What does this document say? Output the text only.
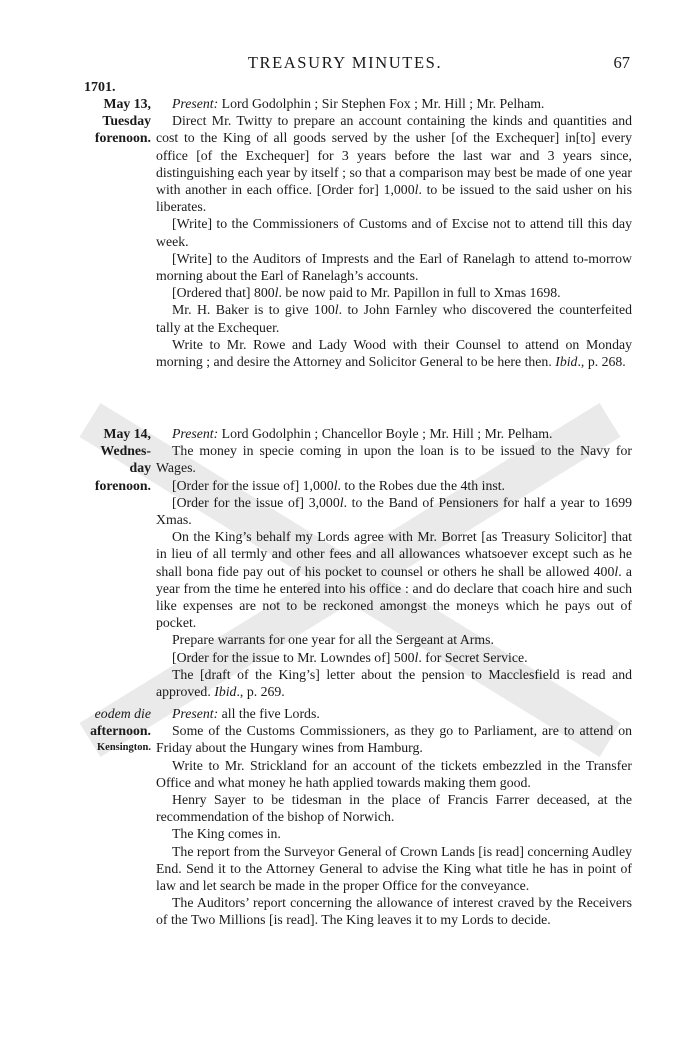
TREASURY MINUTES.	67
1701.
May 13,
Tuesday
forenoon.

Present: Lord Godolphin ; Sir Stephen Fox ; Mr. Hill ; Mr. Pelham.

Direct Mr. Twitty to prepare an account containing the kinds and quantities and cost to the King of all goods served by the usher [of the Exchequer] in[to] every office [of the Exchequer] for 3 years before the last war and 3 years since, distinguishing each year by itself ; so that a comparison may best be made of one year with another in each office. [Order for] 1,000l. to be issued to the said usher on his liberates.

[Write] to the Commissioners of Customs and of Excise not to attend till this day week.

[Write] to the Auditors of Imprests and the Earl of Ranelagh to attend to-morrow morning about the Earl of Ranelagh’s accounts.

[Ordered that] 800l. be now paid to Mr. Papillon in full to Xmas 1698.

Mr. H. Baker is to give 100l. to John Farnley who discovered the counterfeited tally at the Exchequer.

Write to Mr. Rowe and Lady Wood with their Counsel to attend on Monday morning ; and desire the Attorney and Solicitor General to be here then. Ibid., p. 268.

May 14,
Wednes-
day
forenoon.

Present: Lord Godolphin ; Chancellor Boyle ; Mr. Hill ; Mr. Pelham.

The money in specie coming in upon the loan is to be issued to the Navy for Wages.

[Order for the issue of] 1,000l. to the Robes due the 4th inst.

[Order for the issue of] 3,000l. to the Band of Pensioners for half a year to 1699 Xmas.

On the King’s behalf my Lords agree with Mr. Borret [as Treasury Solicitor] that in lieu of all termly and other fees and all allowances whatsoever except such as he shall bona fide pay out of his pocket to counsel or others he shall be allowed 400l. a year from the time he entered into his office : and do declare that coach hire and such like expenses are not to be reckoned amongst the moneys which he pays out of pocket.

Prepare warrants for one year for all the Sergeant at Arms.

[Order for the issue to Mr. Lowndes of] 500l. for Secret Service.

The [draft of the King’s] letter about the pension to Macclesfield is read and approved. Ibid., p. 269.

eodem die
afternoon.
Kensington.

Present: all the five Lords.

Some of the Customs Commissioners, as they go to Parliament, are to attend on Friday about the Hungary wines from Hamburg.

Write to Mr. Strickland for an account of the tickets embezzled in the Transfer Office and what money he hath applied towards making them good.

Henry Sayer to be tidesman in the place of Francis Farrer deceased, at the recommendation of the bishop of Norwich.

The King comes in.

The report from the Surveyor General of Crown Lands [is read] concerning Audley End. Send it to the Attorney General to advise the King what title he has in point of law and let search be made in the proper Office for the conveyance.

The Auditors’ report concerning the allowance of interest craved by the Receivers of the Two Millions [is read]. The King leaves it to my Lords to decide.
